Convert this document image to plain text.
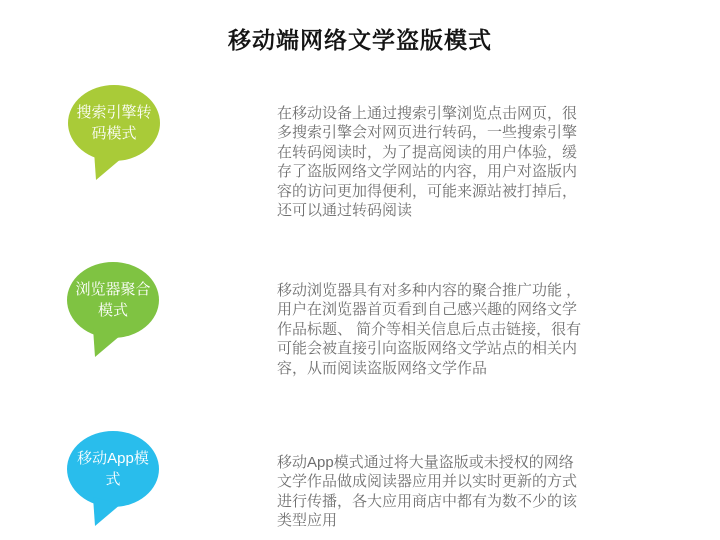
移动端网络文学盗版模式
搜索引擎转
码模式
在移动设备上通过搜索引擎浏览点击网页，很
多搜索引擎会对网页进行转码，一些搜索引擎
在转码阅读时，为了提高阅读的用户体验，缓
存了盗版网络文学网站的内容，用户对盗版内
容的访问更加得便利，可能来源站被打掉后，
还可以通过转码阅读
浏览器聚合
模式
移动浏览器具有对多种内容的聚合推广功能 ，
用户在浏览器首页看到自己感兴趣的网络文学
作品标题、 简介等相关信息后点击链接，很有
可能会被直接引向盗版网络文学站点的相关内
容，从而阅读盗版网络文学作品
移动App模
式
移动App模式通过将大量盗版或未授权的网络
文学作品做成阅读器应用并以实时更新的方式
进行传播，各大应用商店中都有为数不少的该
类型应用
